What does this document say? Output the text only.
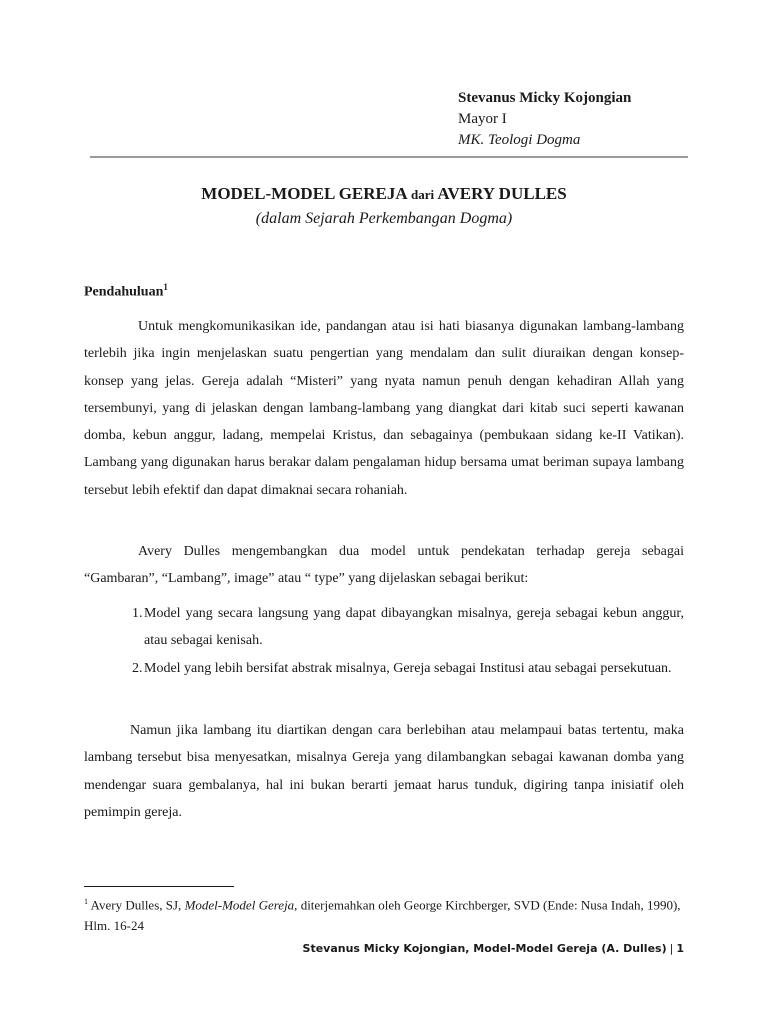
Stevanus Micky Kojongian
Mayor I
MK. Teologi Dogma
MODEL-MODEL GEREJA dari AVERY DULLES
(dalam Sejarah Perkembangan Dogma)
Pendahuluan$^1$
Untuk mengkomunikasikan ide, pandangan atau isi hati biasanya digunakan lambang-lambang terlebih jika ingin menjelaskan suatu pengertian yang mendalam dan sulit diuraikan dengan konsep-konsep yang jelas. Gereja adalah “Misteri” yang nyata namun penuh dengan kehadiran Allah yang tersembunyi, yang di jelaskan dengan lambang-lambang yang diangkat dari kitab suci seperti kawanan domba, kebun anggur, ladang, mempelai Kristus, dan sebagainya (pembukaan sidang ke-II Vatikan). Lambang yang digunakan harus berakar dalam pengalaman hidup bersama umat beriman supaya lambang tersebut lebih efektif dan dapat dimaknai secara rohaniah.
Avery Dulles mengembangkan dua model untuk pendekatan terhadap gereja sebagai “Gambaran”, “Lambang”, image” atau “ type” yang dijelaskan sebagai berikut:
1. Model yang secara langsung yang dapat dibayangkan misalnya, gereja sebagai kebun anggur, atau sebagai kenisah.
2. Model yang lebih bersifat abstrak misalnya, Gereja sebagai Institusi atau sebagai persekutuan.
Namun jika lambang itu diartikan dengan cara berlebihan atau melampaui batas tertentu, maka lambang tersebut bisa menyesatkan, misalnya Gereja yang dilambangkan sebagai kawanan domba yang mendengar suara gembalanya, hal ini bukan berarti jemaat harus tunduk, digiring tanpa inisiatif oleh pemimpin gereja.
$^1$ Avery Dulles, SJ, Model-Model Gereja, diterjemahkan oleh George Kirchberger, SVD (Ende: Nusa Indah, 1990), Hlm. 16-24
Stevanus Micky Kojongian, Model-Model Gereja (A. Dulles) | 1
